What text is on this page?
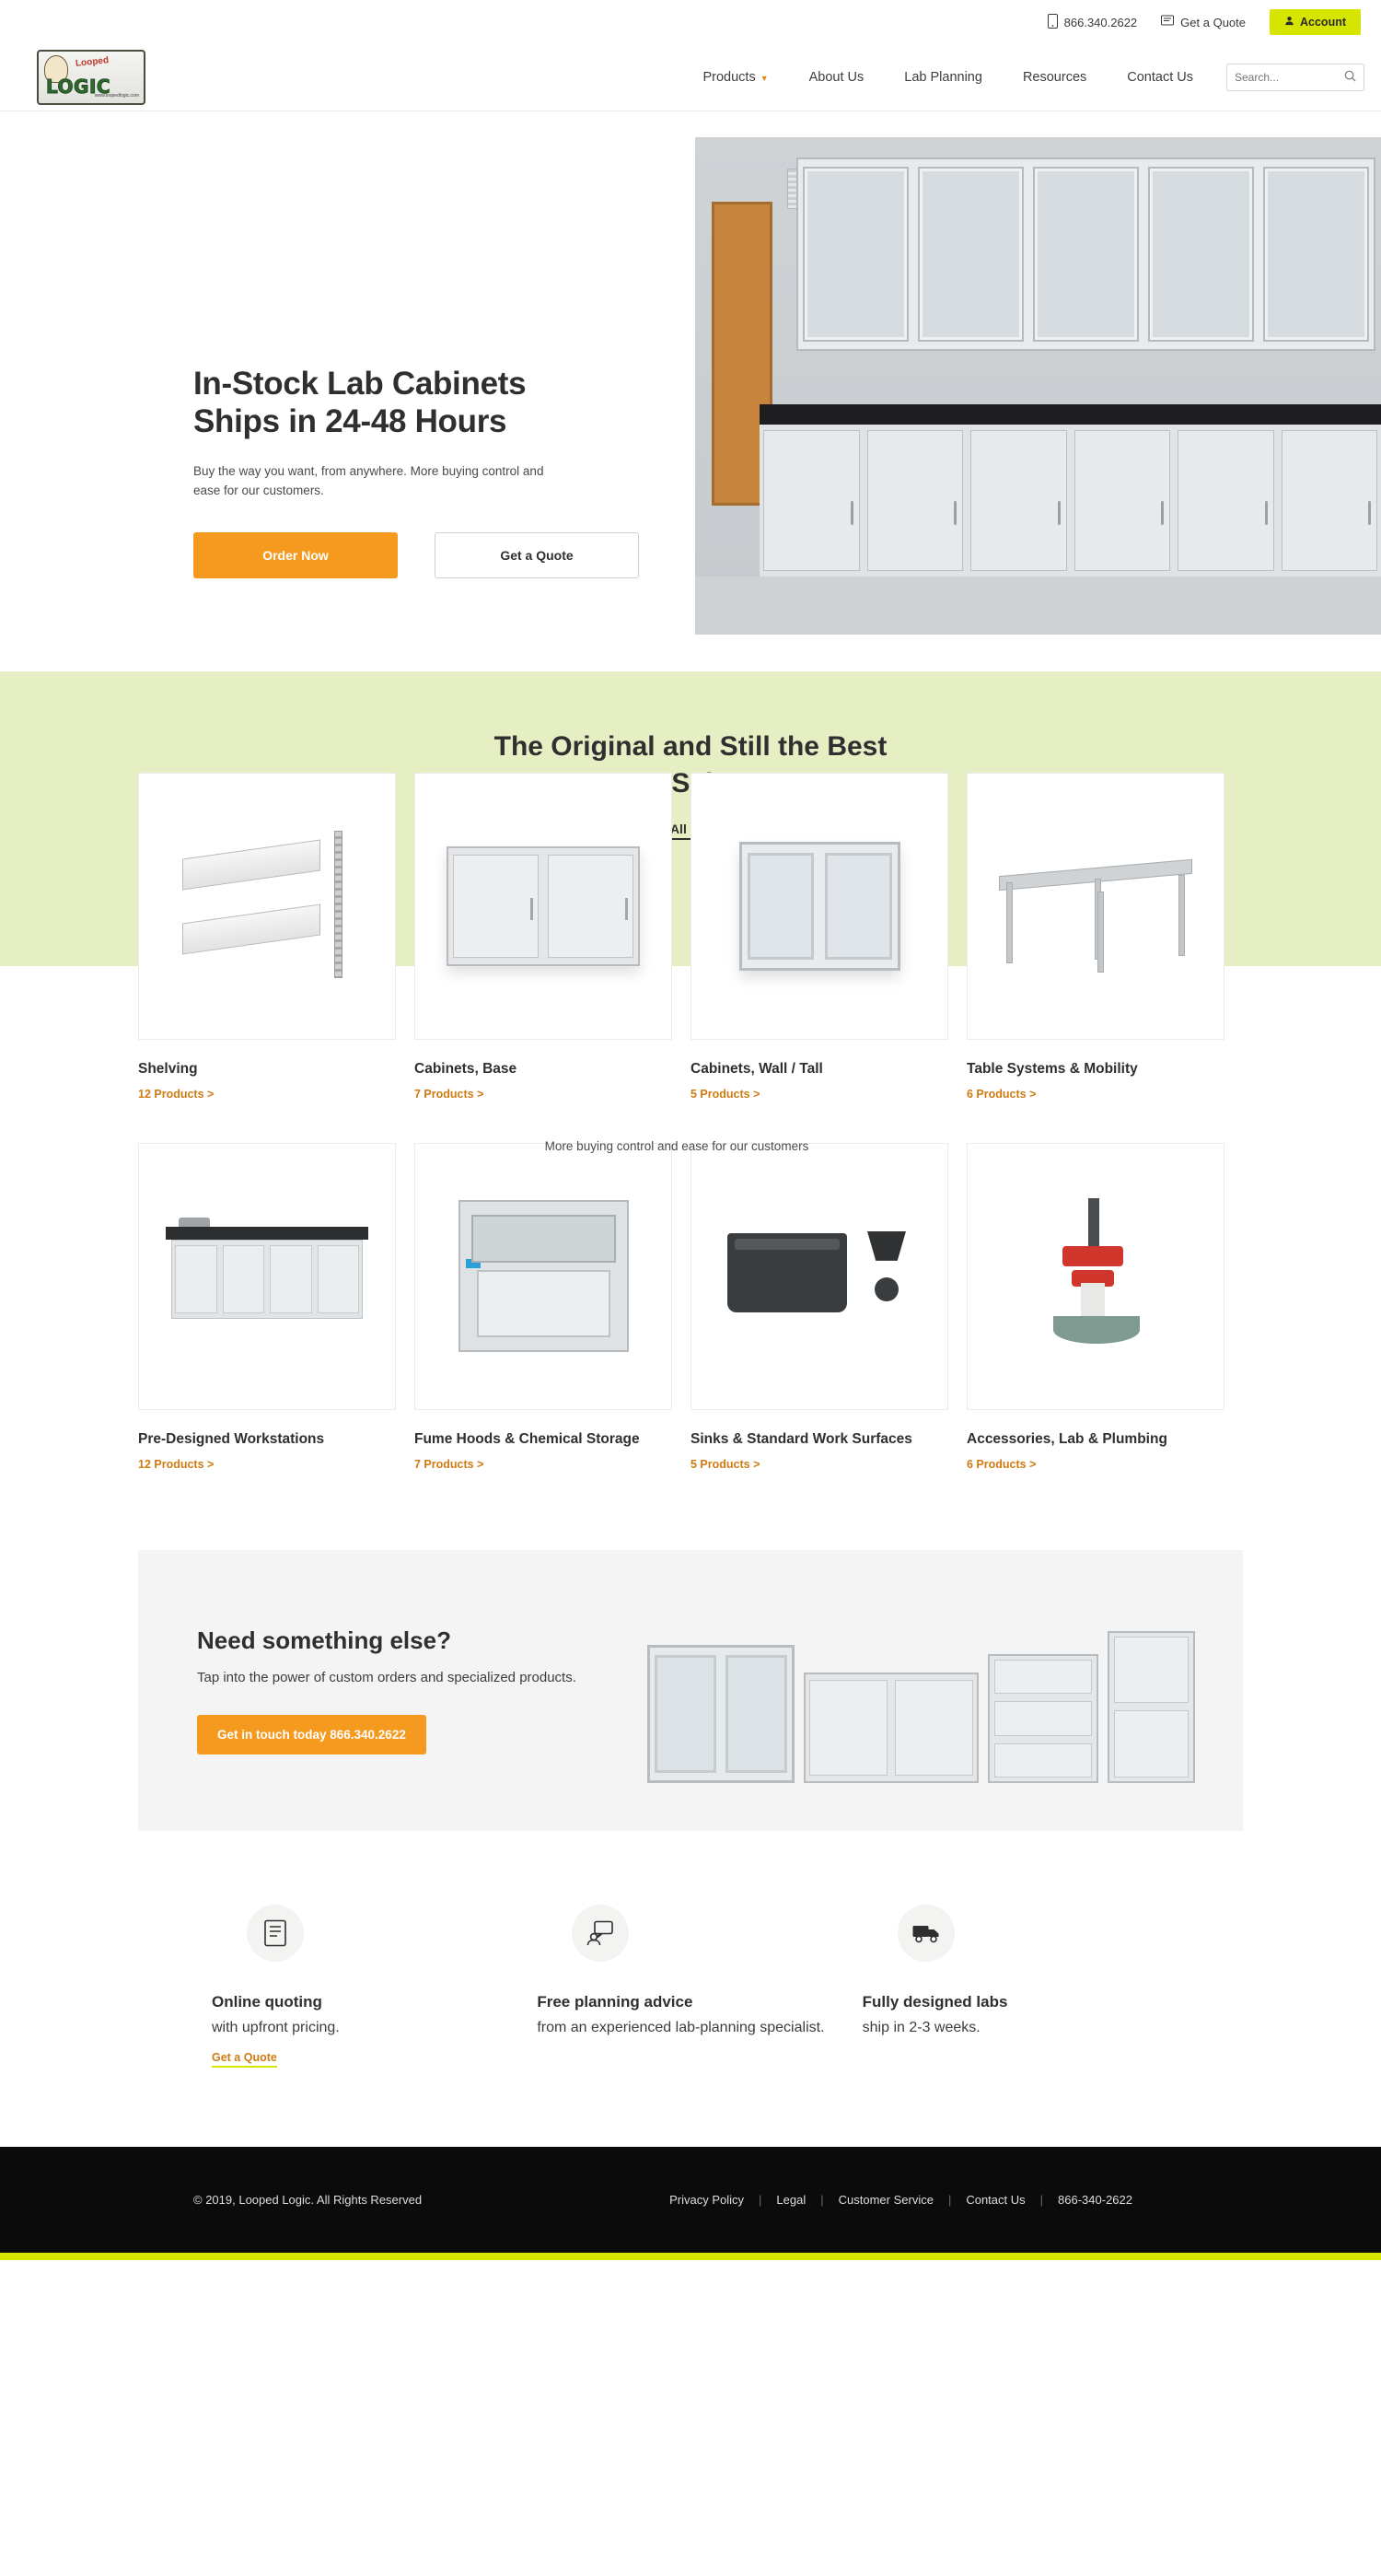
866.340.2622	Get a Quote	Account
Looped
LOGIC
www.loopedlogic.com
Products ▼	About Us	Lab Planning	Resources	Contact Us
Search...
In-Stock Lab Cabinets
Ships in 24-48 Hours
Buy the way you want, from anywhere. More buying control and ease for our customers.
Order Now	Get a Quote
The Original and Still the Best
All
Shelving
12 Products >
Cabinets, Base
7 Products >
Cabinets, Wall / Tall
5 Products >
Table Systems & Mobility
6 Products >
Pre-Designed Workstations
12 Products >
Fume Hoods & Chemical Storage
7 Products >
Sinks & Standard Work Surfaces
5 Products >
Accessories, Lab & Plumbing
6 Products >
More buying control and ease for our customers
Need something else?
Tap into the power of custom orders and specialized products.
Get in touch today 866.340.2622
Online quoting
with upfront pricing.
Get a Quote
Free planning advice
from an experienced lab-planning specialist.
Fully designed labs
ship in 2-3 weeks.
© 2019, Looped Logic. All Rights Reserved	Privacy Policy	|	Legal	|	Customer Service	|	Contact Us	|	866-340-2622
